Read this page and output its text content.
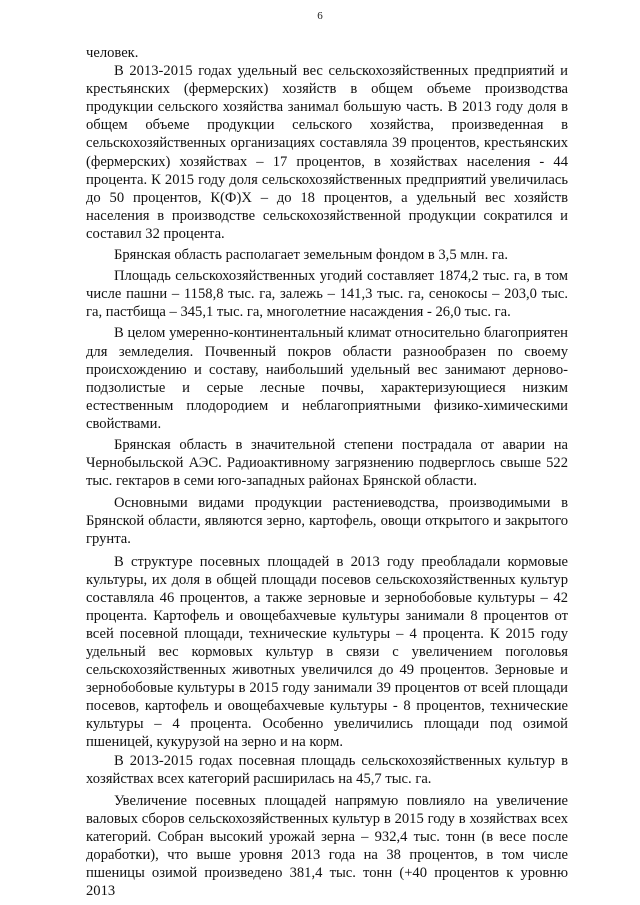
6

человек.

В 2013-2015 годах удельный вес сельскохозяйственных предприятий и крестьянских (фермерских) хозяйств в общем объеме производства продукции сельского хозяйства занимал большую часть. В 2013 году доля в общем объеме продукции сельского хозяйства, произведенная в сельскохозяйственных организациях составляла 39 процентов, крестьянских (фермерских) хозяйствах – 17 процентов, в хозяйствах населения - 44 процента. К 2015 году доля сельскохозяйственных предприятий увеличилась до 50 процентов, К(Ф)Х – до 18 процентов, а удельный вес хозяйств населения в производстве сельскохозяйственной продукции сократился и составил 32 процента.

Брянская область располагает земельным фондом в 3,5 млн. га.

Площадь сельскохозяйственных угодий составляет 1874,2 тыс. га, в том числе пашни – 1158,8 тыс. га, залежь – 141,3 тыс. га, сенокосы – 203,0 тыс. га, пастбища – 345,1 тыс. га, многолетние насаждения - 26,0 тыс. га.

В целом умеренно-континентальный климат относительно благоприятен для земледелия. Почвенный покров области разнообразен по своему происхождению и составу, наибольший удельный вес занимают дерново-подзолистые и серые лесные почвы, характеризующиеся низким естественным плодородием и неблагоприятными физико-химическими свойствами.

Брянская область в значительной степени пострадала от аварии на Чернобыльской АЭС. Радиоактивному загрязнению подверглось свыше 522 тыс. гектаров в семи юго-западных районах Брянской области.

Основными видами продукции растениеводства, производимыми в Брянской области, являются зерно, картофель, овощи открытого и закрытого грунта.

В структуре посевных площадей в 2013 году преобладали кормовые культуры, их доля в общей площади посевов сельскохозяйственных культур составляла 46 процентов, а также зерновые и зернобобовые культуры – 42 процента. Картофель и овощебахчевые культуры занимали 8 процентов от всей посевной площади, технические культуры – 4 процента. К 2015 году удельный вес кормовых культур в связи с увеличением поголовья сельскохозяйственных животных увеличился до 49 процентов. Зерновые и зернобобовые культуры в 2015 году занимали 39 процентов от всей площади посевов, картофель и овощебахчевые культуры - 8 процентов, технические культуры – 4 процента. Особенно увеличились площади под озимой пшеницей, кукурузой на зерно и на корм.

В 2013-2015 годах посевная площадь сельскохозяйственных культур в хозяйствах всех категорий расширилась на 45,7 тыс. га.

Увеличение посевных площадей напрямую повлияло на увеличение валовых сборов сельскохозяйственных культур в 2015 году в хозяйствах всех категорий. Собран высокий урожай зерна – 932,4 тыс. тонн (в весе после доработки), что выше уровня 2013 года на 38 процентов, в том числе пшеницы озимой произведено 381,4 тыс. тонн (+40 процентов к уровню 2013
